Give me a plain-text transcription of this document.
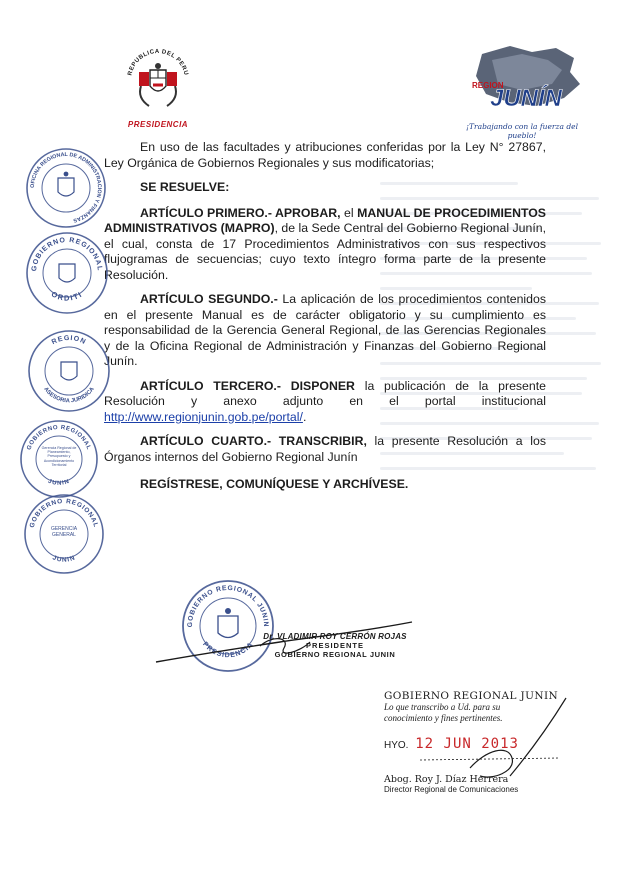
REPUBLICA DEL PERU
PRESIDENCIA
REGION
JUNÍN
¡Trabajando con la fuerza del pueblo!

En uso de las facultades y atribuciones conferidas por la Ley N° 27867, Ley Orgánica de Gobiernos Regionales y sus modificatorias;

SE RESUELVE:

ARTÍCULO PRIMERO.- APROBAR, el MANUAL DE PROCEDIMIENTOS ADMINISTRATIVOS (MAPRO), de la Sede Central del Gobierno Regional Junín, el cual, consta de 17 Procedimientos Administrativos con sus respectivos flujogramas de secuencias; cuyo texto íntegro forma parte de la presente Resolución.

ARTÍCULO SEGUNDO.- La aplicación de los procedimientos contenidos en el presente Manual es de carácter obligatorio y su cumplimiento es responsabilidad de la Gerencia General Regional, de las Gerencias Regionales y de la Oficina Regional de Administración y Finanzas del Gobierno Regional Junín.

ARTÍCULO TERCERO.- DISPONER la publicación de la presente Resolución y anexo adjunto en el portal institucional http://www.regionjunin.gob.pe/portal/.

ARTÍCULO CUARTO.- TRANSCRIBIR, la presente Resolución a los Órganos internos del Gobierno Regional Junín

REGÍSTRESE, COMUNÍQUESE Y ARCHÍVESE.

OFICINA REGIONAL DE ADMINISTRACION Y FINANZAS
GOBIERNO REGIONAL
ORDITI
REGION
ASESORIA JURIDICA
GOBIERNO REGIONAL
JUNIN
Gerencia Regional de Planeamiento, Presupuesto y Acondicionamiento Territorial
GOBIERNO REGIONAL
JUNIN
GERENCIA GENERAL
GOBIERNO REGIONAL JUNIN
PRESIDENCIA
Dr. VLADIMIR ROY CERRÓN ROJAS
PRESIDENTE
GOBIERNO REGIONAL JUNIN
GOBIERNO REGIONAL JUNIN
Lo que transcribo a Ud. para su
conocimiento y fines pertinentes.
HYO. 12 JUN 2013
Abog. Roy J. Díaz Herrera
Director Regional de Comunicaciones
